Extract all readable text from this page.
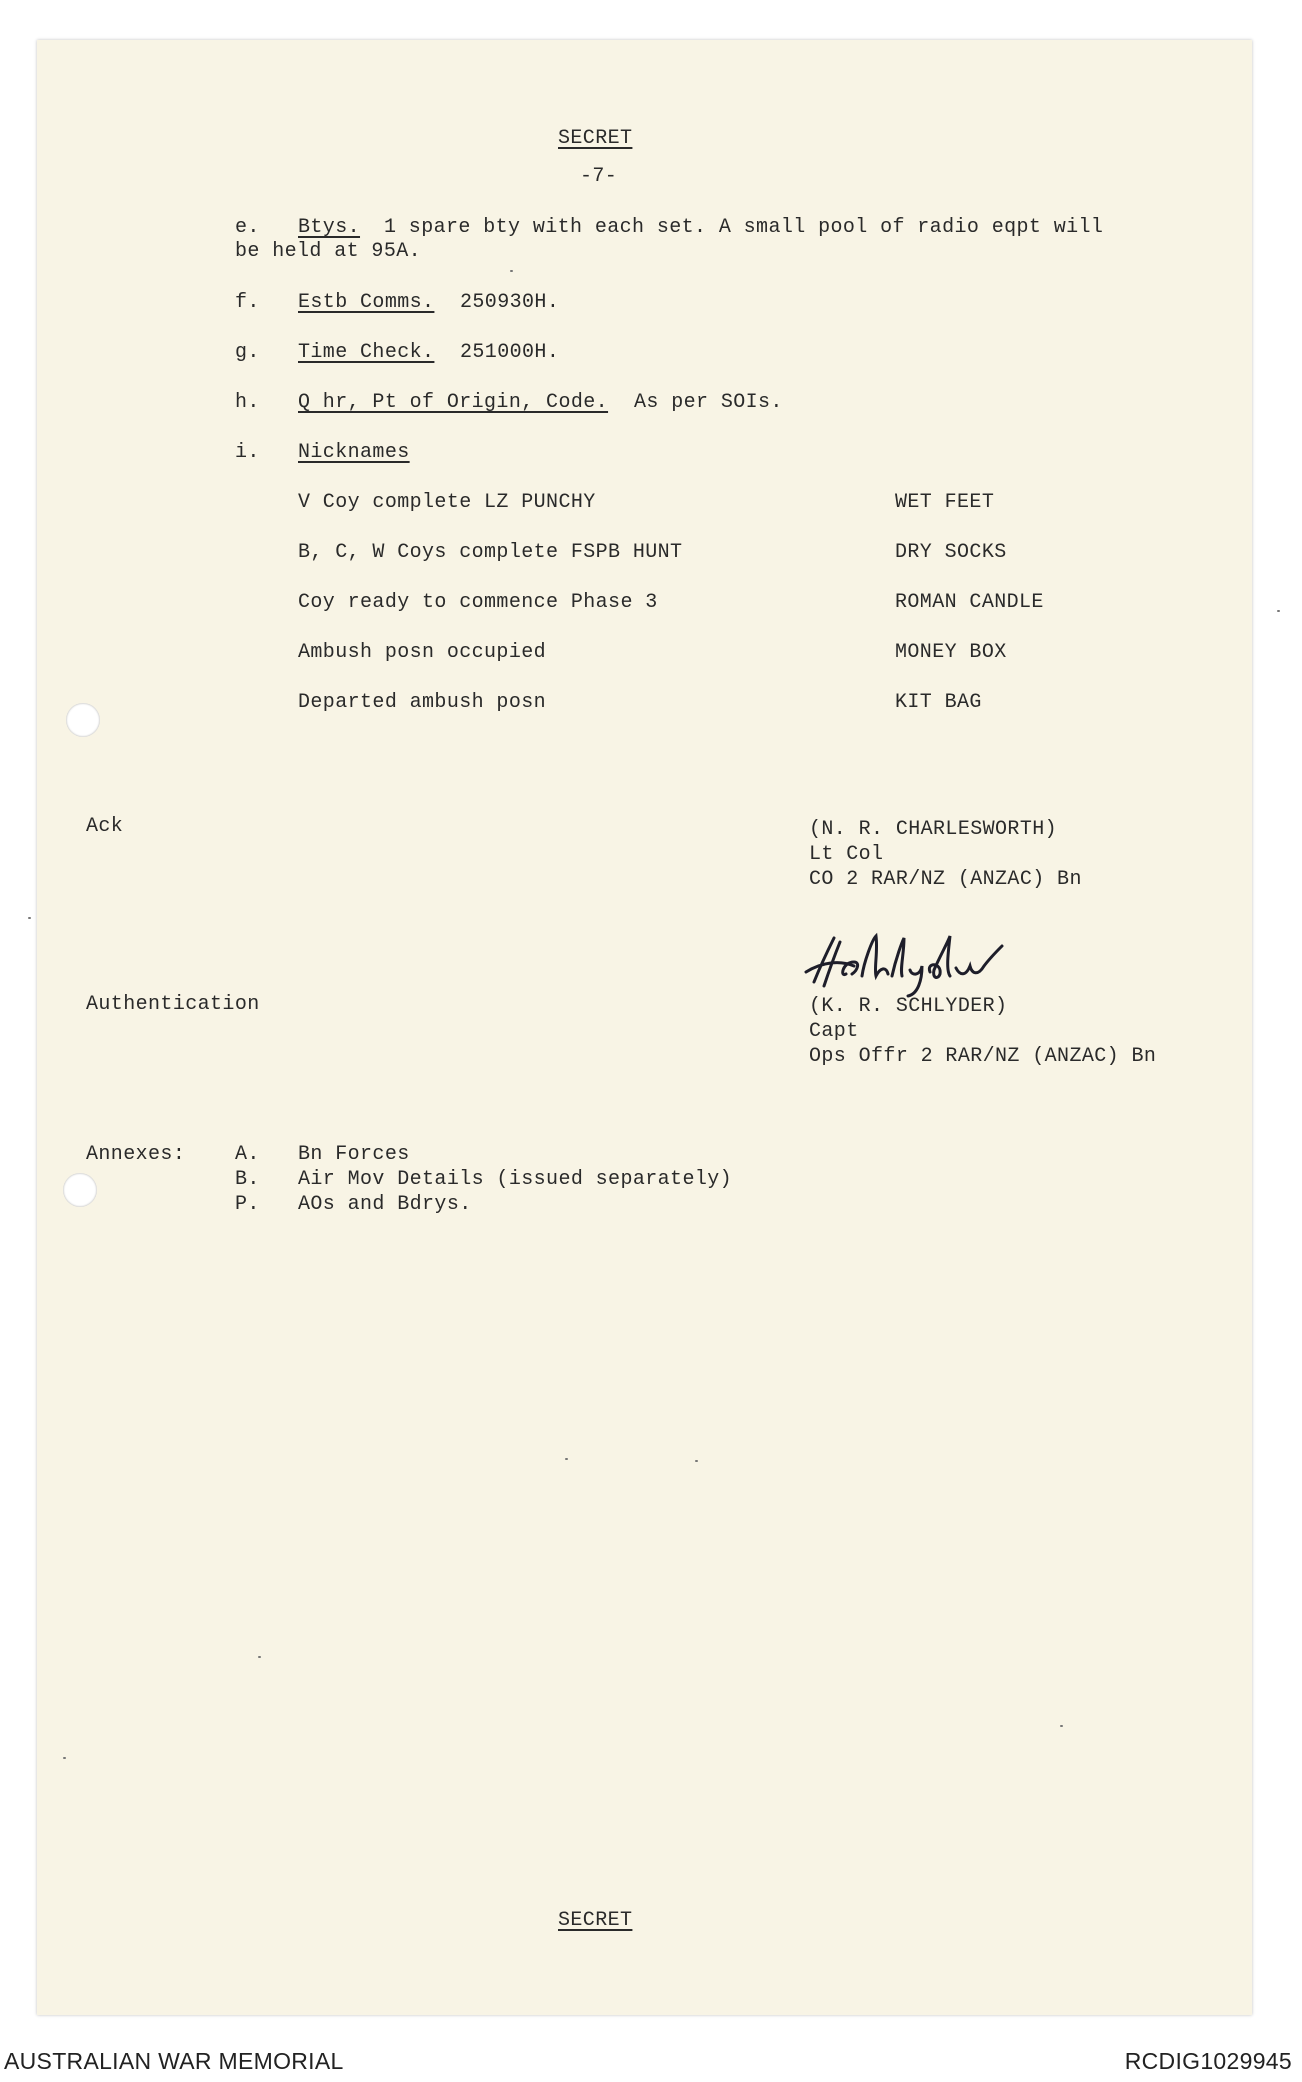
SECRET
-7-
e. Btys. 1 spare bty with each set. A small pool of radio eqpt will
be held at 95A.
f. Estb Comms. 250930H.
g. Time Check. 251000H.
h. Q hr, Pt of Origin, Code. As per SOIs.
i. Nicknames
V Coy complete LZ PUNCHY	WET FEET
B, C, W Coys complete FSPB HUNT	DRY SOCKS
Coy ready to commence Phase 3	ROMAN CANDLE
Ambush posn occupied	MONEY BOX
Departed ambush posn	KIT BAG
Ack	(N. R. CHARLESWORTH)
Lt Col
CO 2 RAR/NZ (ANZAC) Bn
Authentication	(K. R. SCHLYDER)
Capt
Ops Offr 2 RAR/NZ (ANZAC) Bn
Annexes: A. Bn Forces
B. Air Mov Details (issued separately)
P. AOs and Bdrys.
SECRET
AUSTRALIAN WAR MEMORIAL	RCDIG1029945
